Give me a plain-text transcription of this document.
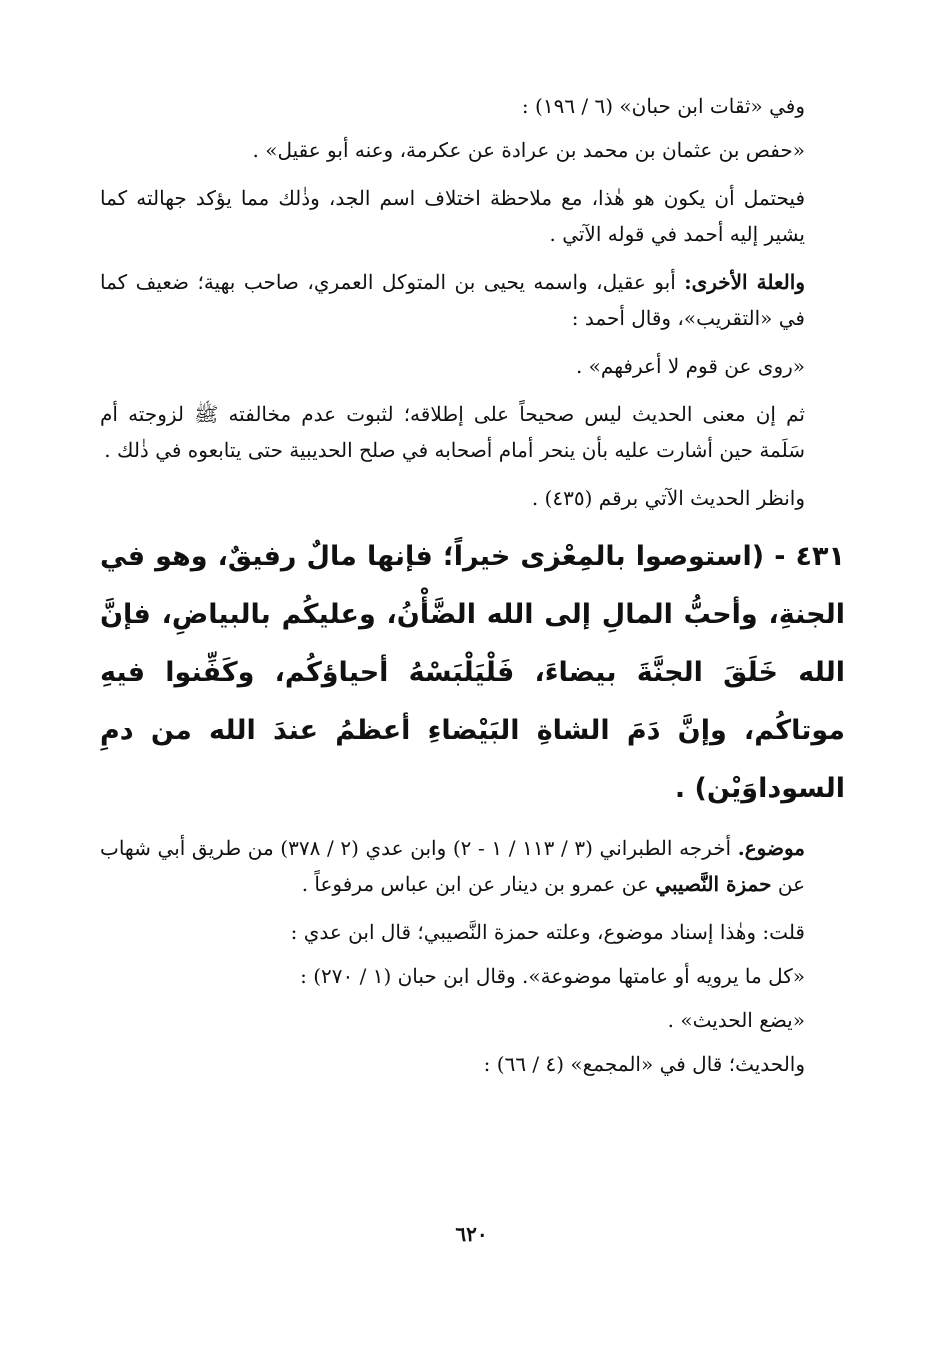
وفي «ثقات ابن حبان» (٦ / ١٩٦) :

«حفص بن عثمان بن محمد بن عرادة عن عكرمة، وعنه أبو عقيل» .

فيحتمل أن يكون هو هٰذا، مع ملاحظة اختلاف اسم الجد، وذٰلك مما يؤكد جهالته كما يشير إليه أحمد في قوله الآتي .

والعلة الأخرى: أبو عقيل، واسمه يحيى بن المتوكل العمري، صاحب بهية؛ ضعيف كما في «التقريب»، وقال أحمد :

«روى عن قوم لا أعرفهم» .

ثم إن معنى الحديث ليس صحيحاً على إطلاقه؛ لثبوت عدم مخالفته ﷺ لزوجته أم سَلَمة حين أشارت عليه بأن ينحر أمام أصحابه في صلح الحديبية حتى يتابعوه في ذٰلك .

وانظر الحديث الآتي برقم (٤٣٥) .

٤٣١ - (استوصوا بالمِعْزى خيراً؛ فإنها مالٌ رفيقٌ، وهو في الجنةِ، وأحبُّ المالِ إلى الله الضَّأْنُ، وعليكُم بالبياضِ، فإنَّ الله خَلَقَ الجنَّةَ بيضاءَ، فَلْيَلْبَسْهُ أحياؤكُم، وكَفِّنوا فيهِ موتاكُم، وإنَّ دَمَ الشاةِ البَيْضاءِ أعظمُ عندَ الله من دمِ السوداوَيْن) .

موضوع. أخرجه الطبراني (٣ / ١١٣ / ١ - ٢) وابن عدي (٢ / ٣٧٨) من طريق أبي شهاب عن حمزة النَّصيبي عن عمرو بن دينار عن ابن عباس مرفوعاً .

قلت: وهٰذا إسناد موضوع، وعلته حمزة النَّصيبي؛ قال ابن عدي :

«كل ما يرويه أو عامتها موضوعة». وقال ابن حبان (١ / ٢٧٠) :

«يضع الحديث» .

والحديث؛ قال في «المجمع» (٤ / ٦٦) :

٦٢٠
